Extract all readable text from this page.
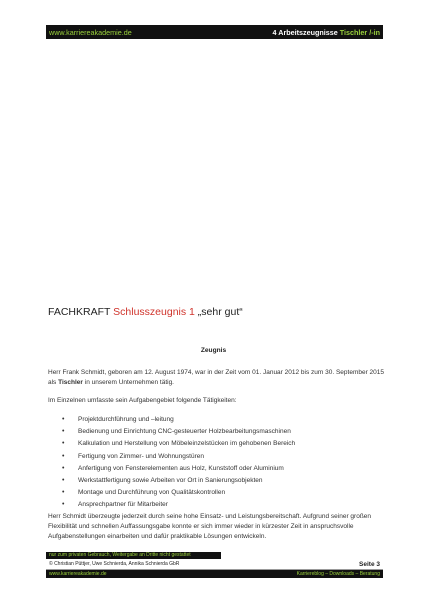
www.karriereakademie.de	4 Arbeitszeugnisse Tischler /-in
FACHKRAFT Schlusszeugnis 1 „sehr gut“
Zeugnis

Herr Frank Schmidt, geboren am 12. August 1974, war in der Zeit vom 01. Januar 2012 bis zum 30. September 2015 als Tischler in unserem Unternehmen tätig.

Im Einzelnen umfasste sein Aufgabengebiet folgende Tätigkeiten:

• Projektdurchführung und –leitung
• Bedienung und Einrichtung CNC-gesteuerter Holzbearbeitungsmaschinen
• Kalkulation und Herstellung von Möbeleinzelstücken im gehobenen Bereich
• Fertigung von Zimmer- und Wohnungstüren
• Anfertigung von Fensterelementen aus Holz, Kunststoff oder Aluminium
• Werkstattfertigung sowie Arbeiten vor Ort in Sanierungsobjekten
• Montage und Durchführung von Qualitätskontrollen
• Ansprechpartner für Mitarbeiter

Herr Schmidt überzeugte jederzeit durch seine hohe Einsatz- und Leistungsbereitschaft. Aufgrund seiner großen Flexibilität und schnellen Auffassungsgabe konnte er sich immer wieder in kürzester Zeit in anspruchsvolle Aufgabenstellungen einarbeiten und dafür praktikable Lösungen entwickeln.

nur zum privaten Gebrauch, Weitergabe an Dritte nicht gestattet
© Christian Püttjer, Uwe Schnierda, Annika Schnierda GbR	Seite 3
www.karriereakademie.de	Karriereblog – Downloads – Beratung
